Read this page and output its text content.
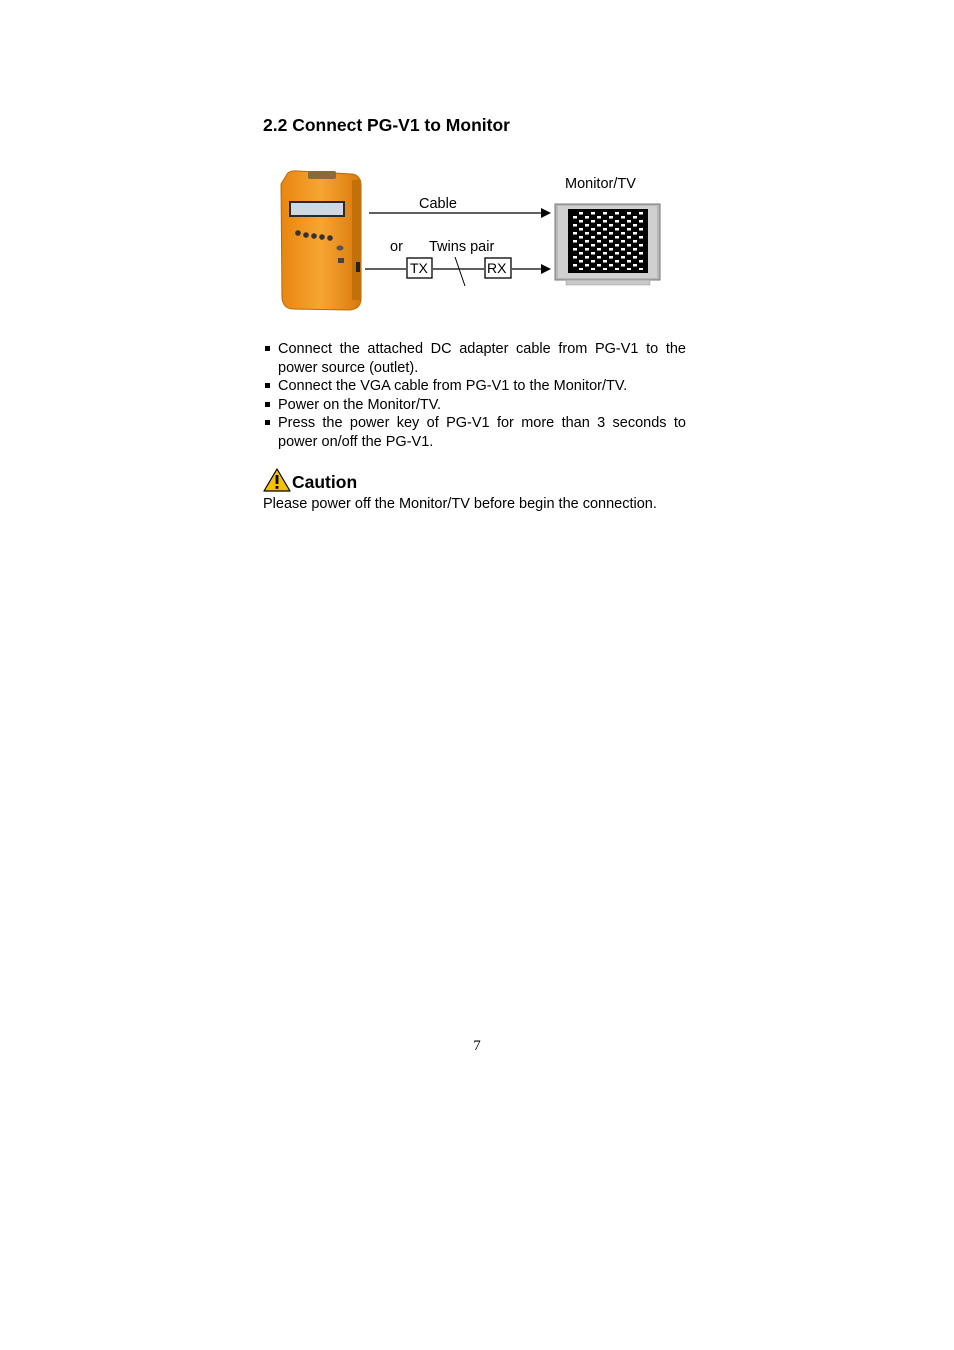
2.2 Connect PG-V1 to Monitor
Monitor/TV
Cable
or Twins pair
TX	RX
Connect the attached DC adapter cable from PG-V1 to the power source (outlet).
Connect the VGA cable from PG-V1 to the Monitor/TV.
Power on the Monitor/TV.
Press the power key of PG-V1 for more than 3 seconds to power on/off the PG-V1.
Caution

Please power off the Monitor/TV before begin the connection.

7
